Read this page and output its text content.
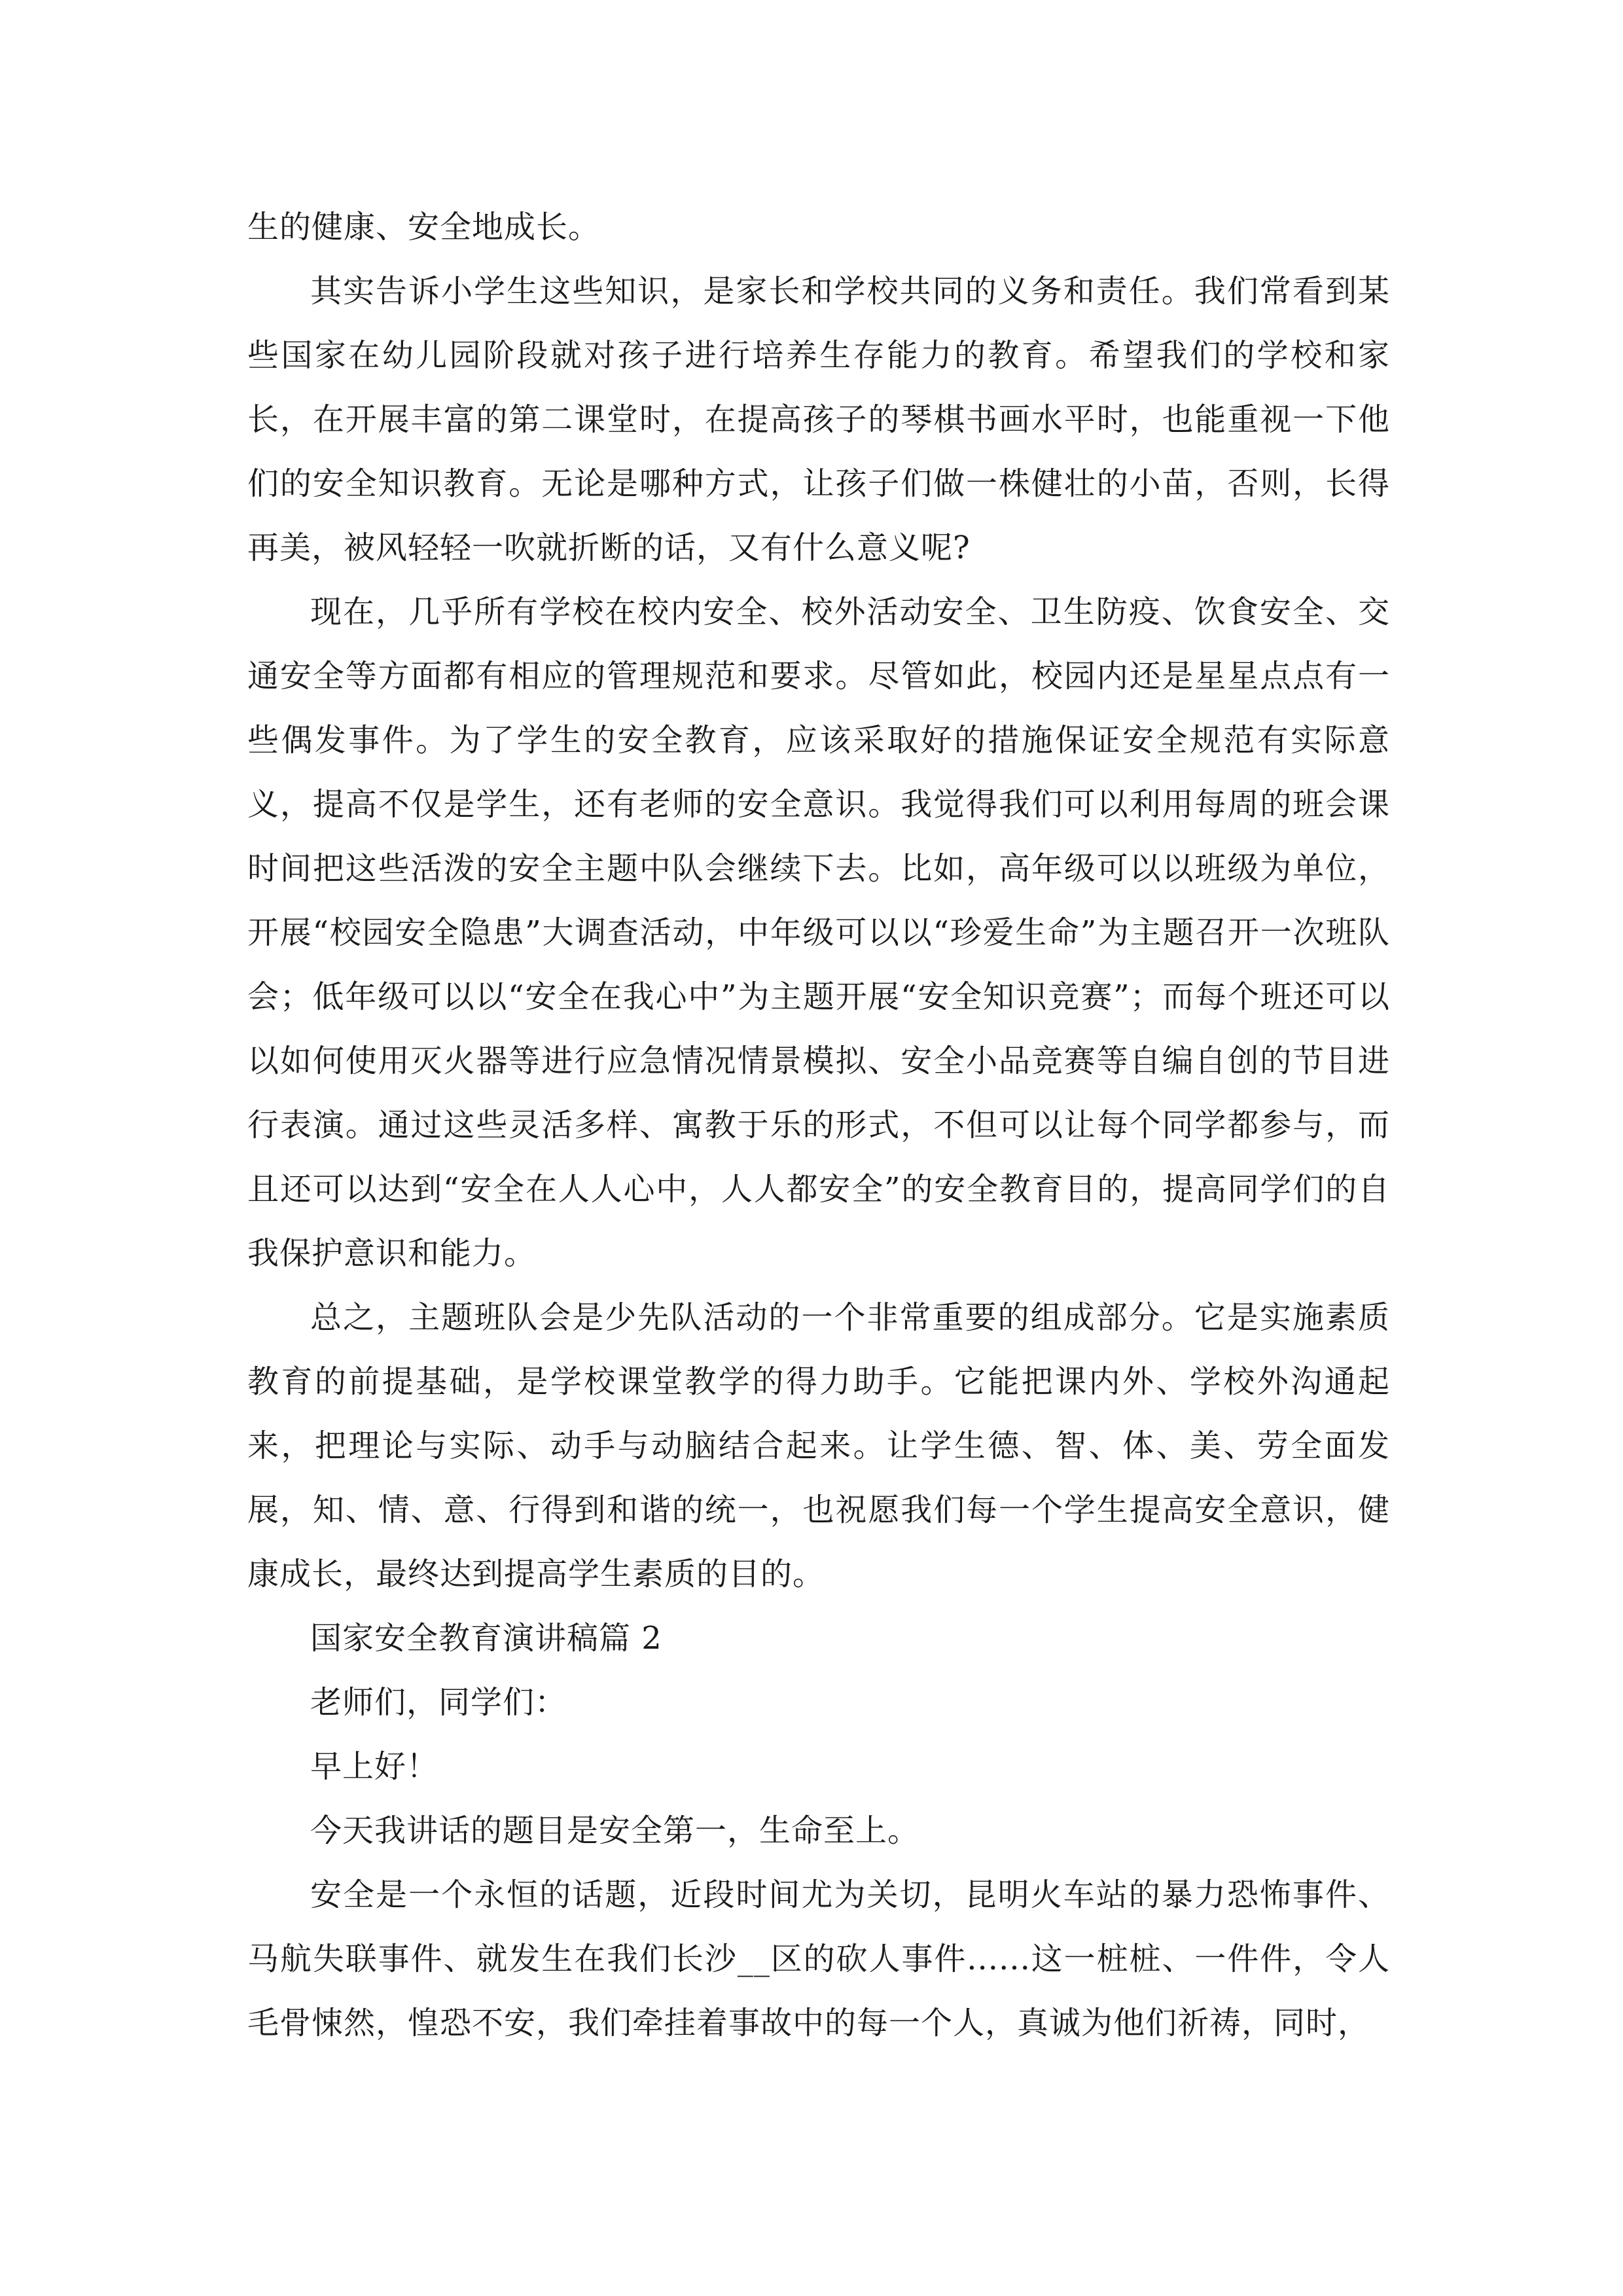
生的健康、安全地成长。

其实告诉小学生这些知识，是家长和学校共同的义务和责任。我们常看到某些国家在幼儿园阶段就对孩子进行培养生存能力的教育。希望我们的学校和家长，在开展丰富的第二课堂时，在提高孩子的琴棋书画水平时，也能重视一下他们的安全知识教育。无论是哪种方式，让孩子们做一株健壮的小苗，否则，长得再美，被风轻轻一吹就折断的话，又有什么意义呢?

现在，几乎所有学校在校内安全、校外活动安全、卫生防疫、饮食安全、交通安全等方面都有相应的管理规范和要求。尽管如此，校园内还是星星点点有一些偶发事件。为了学生的安全教育，应该采取好的措施保证安全规范有实际意义，提高不仅是学生，还有老师的安全意识。我觉得我们可以利用每周的班会课时间把这些活泼的安全主题中队会继续下去。比如，高年级可以以班级为单位，开展“校园安全隐患”大调查活动，中年级可以以“珍爱生命”为主题召开一次班队会；低年级可以以“安全在我心中”为主题开展“安全知识竞赛”；而每个班还可以以如何使用灭火器等进行应急情况情景模拟、安全小品竞赛等自编自创的节目进行表演。通过这些灵活多样、寓教于乐的形式，不但可以让每个同学都参与，而且还可以达到“安全在人人心中，人人都安全”的安全教育目的，提高同学们的自我保护意识和能力。

总之，主题班队会是少先队活动的一个非常重要的组成部分。它是实施素质教育的前提基础，是学校课堂教学的得力助手。它能把课内外、学校外沟通起来，把理论与实际、动手与动脑结合起来。让学生德、智、体、美、劳全面发展，知、情、意、行得到和谐的统一，也祝愿我们每一个学生提高安全意识，健康成长，最终达到提高学生素质的目的。

国家安全教育演讲稿篇 2

老师们，同学们：

早上好！

今天我讲话的题目是安全第一，生命至上。

安全是一个永恒的话题，近段时间尤为关切，昆明火车站的暴力恐怖事件、马航失联事件、就发生在我们长沙__区的砍人事件......这一桩桩、一件件，令人毛骨悚然，惶恐不安，我们牵挂着事故中的每一个人，真诚为他们祈祷，同时，
